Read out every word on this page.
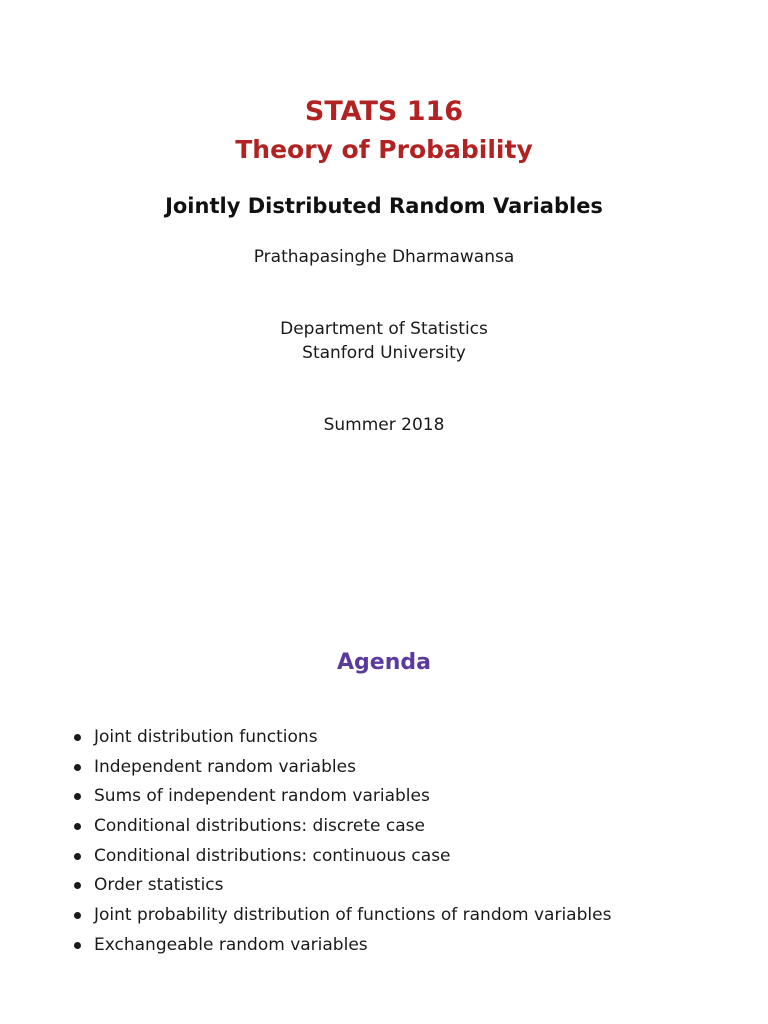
STATS 116
Theory of Probability
Jointly Distributed Random Variables
Prathapasinghe Dharmawansa
Department of Statistics
Stanford University
Summer 2018
Agenda
Joint distribution functions
Independent random variables
Sums of independent random variables
Conditional distributions: discrete case
Conditional distributions: continuous case
Order statistics
Joint probability distribution of functions of random variables
Exchangeable random variables
